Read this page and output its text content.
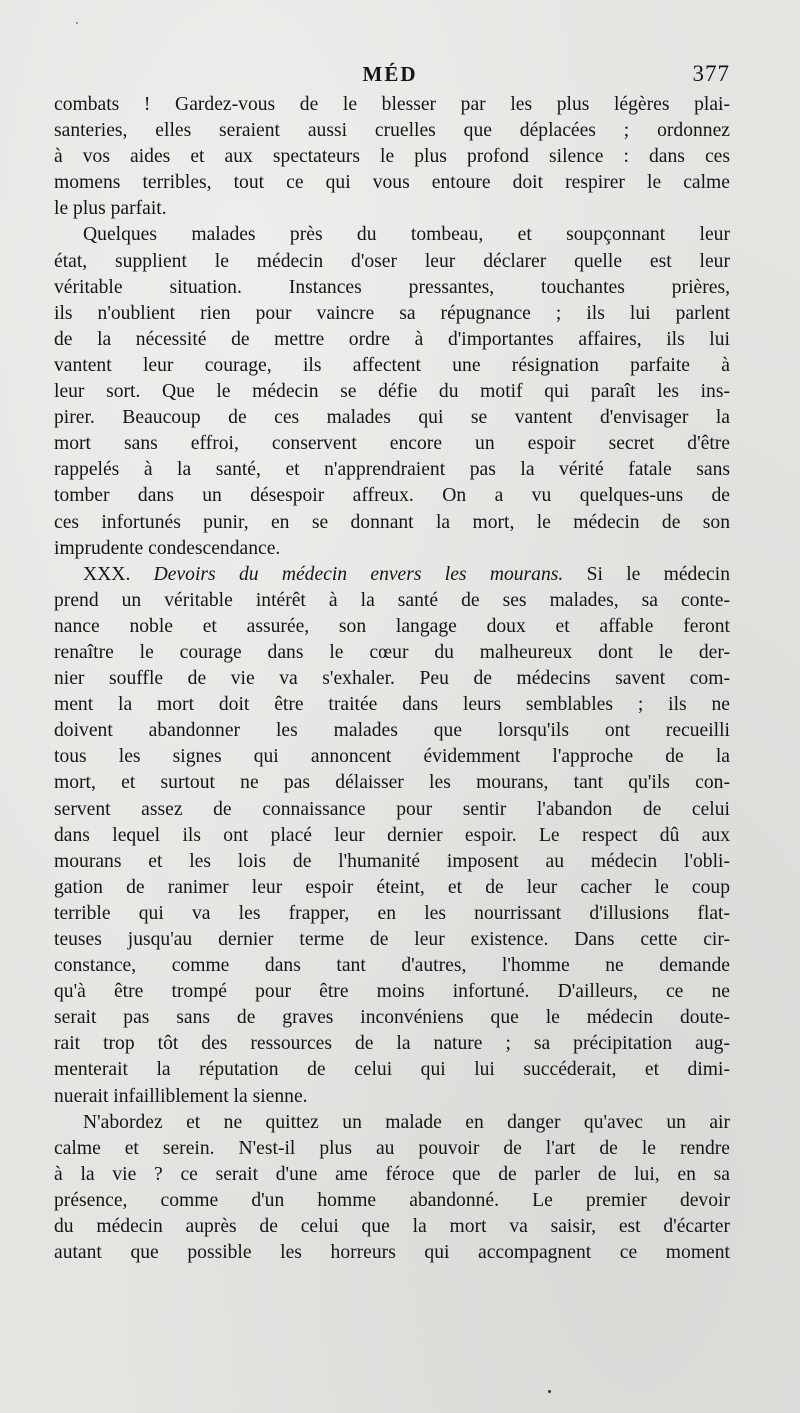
MÉD	377
combats ! Gardez-vous de le blesser par les plus légères plai-
santeries, elles seraient aussi cruelles que déplacées ; ordonnez
à vos aides et aux spectateurs le plus profond silence : dans ces
momens terribles, tout ce qui vous entoure doit respirer le calme
le plus parfait.
Quelques malades près du tombeau, et soupçonnant leur
état, supplient le médecin d'oser leur déclarer quelle est leur
véritable situation. Instances pressantes, touchantes prières,
ils n'oublient rien pour vaincre sa répugnance ; ils lui parlent
de la nécessité de mettre ordre à d'importantes affaires, ils lui
vantent leur courage, ils affectent une résignation parfaite à
leur sort. Que le médecin se défie du motif qui paraît les ins-
pirer. Beaucoup de ces malades qui se vantent d'envisager la
mort sans effroi, conservent encore un espoir secret d'être
rappelés à la santé, et n'apprendraient pas la vérité fatale sans
tomber dans un désespoir affreux. On a vu quelques-uns de
ces infortunés punir, en se donnant la mort, le médecin de son
imprudente condescendance.
XXX. Devoirs du médecin envers les mourans. Si le médecin
prend un véritable intérêt à la santé de ses malades, sa conte-
nance noble et assurée, son langage doux et affable feront
renaître le courage dans le cœur du malheureux dont le der-
nier souffle de vie va s'exhaler. Peu de médecins savent com-
ment la mort doit être traitée dans leurs semblables ; ils ne
doivent abandonner les malades que lorsqu'ils ont recueilli
tous les signes qui annoncent évidemment l'approche de la
mort, et surtout ne pas délaisser les mourans, tant qu'ils con-
servent assez de connaissance pour sentir l'abandon de celui
dans lequel ils ont placé leur dernier espoir. Le respect dû aux
mourans et les lois de l'humanité imposent au médecin l'obli-
gation de ranimer leur espoir éteint, et de leur cacher le coup
terrible qui va les frapper, en les nourrissant d'illusions flat-
teuses jusqu'au dernier terme de leur existence. Dans cette cir-
constance, comme dans tant d'autres, l'homme ne demande
qu'à être trompé pour être moins infortuné. D'ailleurs, ce ne
serait pas sans de graves inconvéniens que le médecin doute-
rait trop tôt des ressources de la nature ; sa précipitation aug-
menterait la réputation de celui qui lui succéderait, et dimi-
nuerait infailliblement la sienne.
N'abordez et ne quittez un malade en danger qu'avec un air
calme et serein. N'est-il plus au pouvoir de l'art de le rendre
à la vie ? ce serait d'une ame féroce que de parler de lui, en sa
présence, comme d'un homme abandonné. Le premier devoir
du médecin auprès de celui que la mort va saisir, est d'écarter
autant que possible les horreurs qui accompagnent ce moment
